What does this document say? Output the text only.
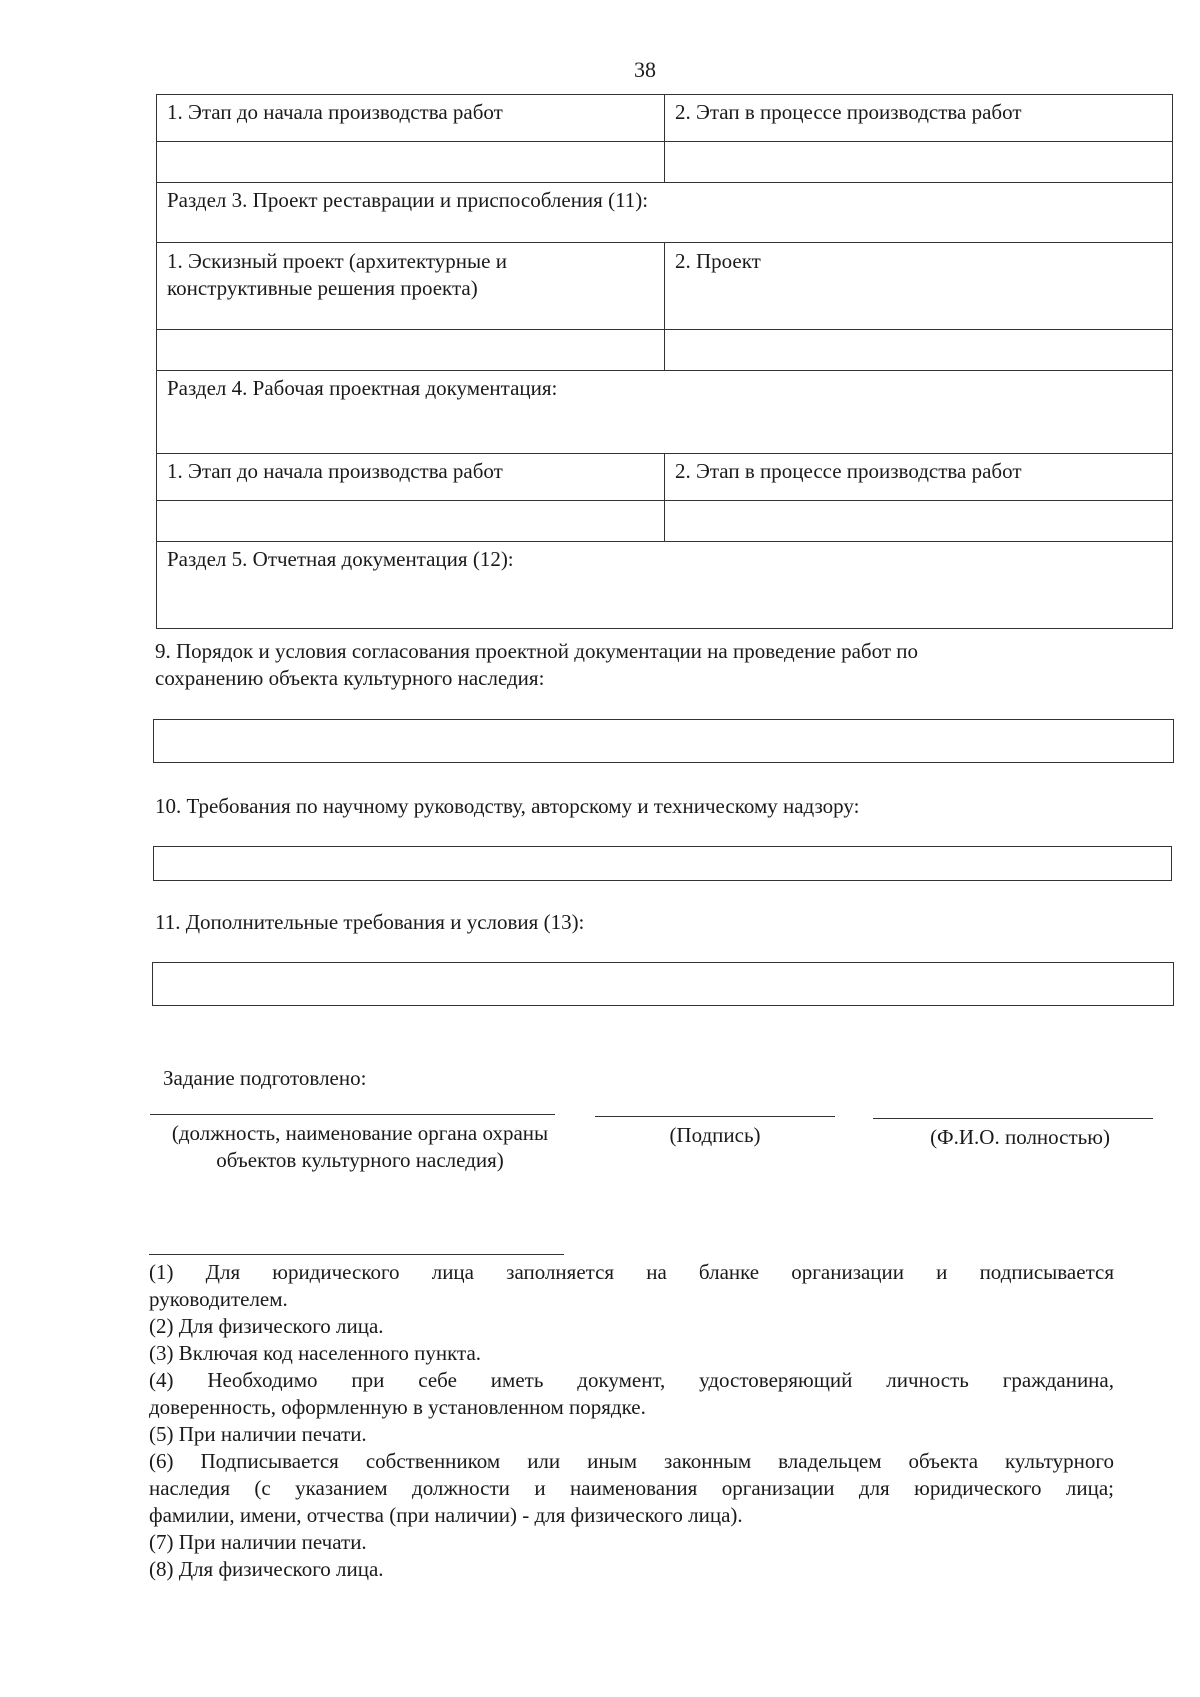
38
1. Этап до начала производства работ	2. Этап в процессе производства работ

Раздел 3. Проект реставрации и приспособления (11):	

1. Эскизный проект (архитектурные и
конструктивные решения проекта)	2. Проект

Раздел 4. Рабочая проектная документация:	
1. Этап до начала производства работ	2. Этап в процессе производства работ

Раздел 5. Отчетная документация (12):	
9. Порядок и условия согласования проектной документации на проведение работ по
сохранению объекта культурного наследия:
10. Требования по научному руководству, авторскому и техническому надзору:
11. Дополнительные требования и условия (13):
Задание подготовлено:
(должность, наименование органа охраны объектов культурного наследия)
(Подпись)	(Ф.И.О. полностью)

(1) Для юридического лица заполняется на бланке организации и подписывается

руководителем.

(2) Для физического лица.

(3) Включая код населенного пункта.

(4) Необходимо при себе иметь документ, удостоверяющий личность гражданина,

доверенность, оформленную в установленном порядке.

(5) При наличии печати.

(6) Подписывается собственником или иным законным владельцем объекта культурного

наследия (с указанием должности и наименования организации для юридического лица;

фамилии, имени, отчества (при наличии) - для физического лица).

(7) При наличии печати.

(8) Для физического лица.
